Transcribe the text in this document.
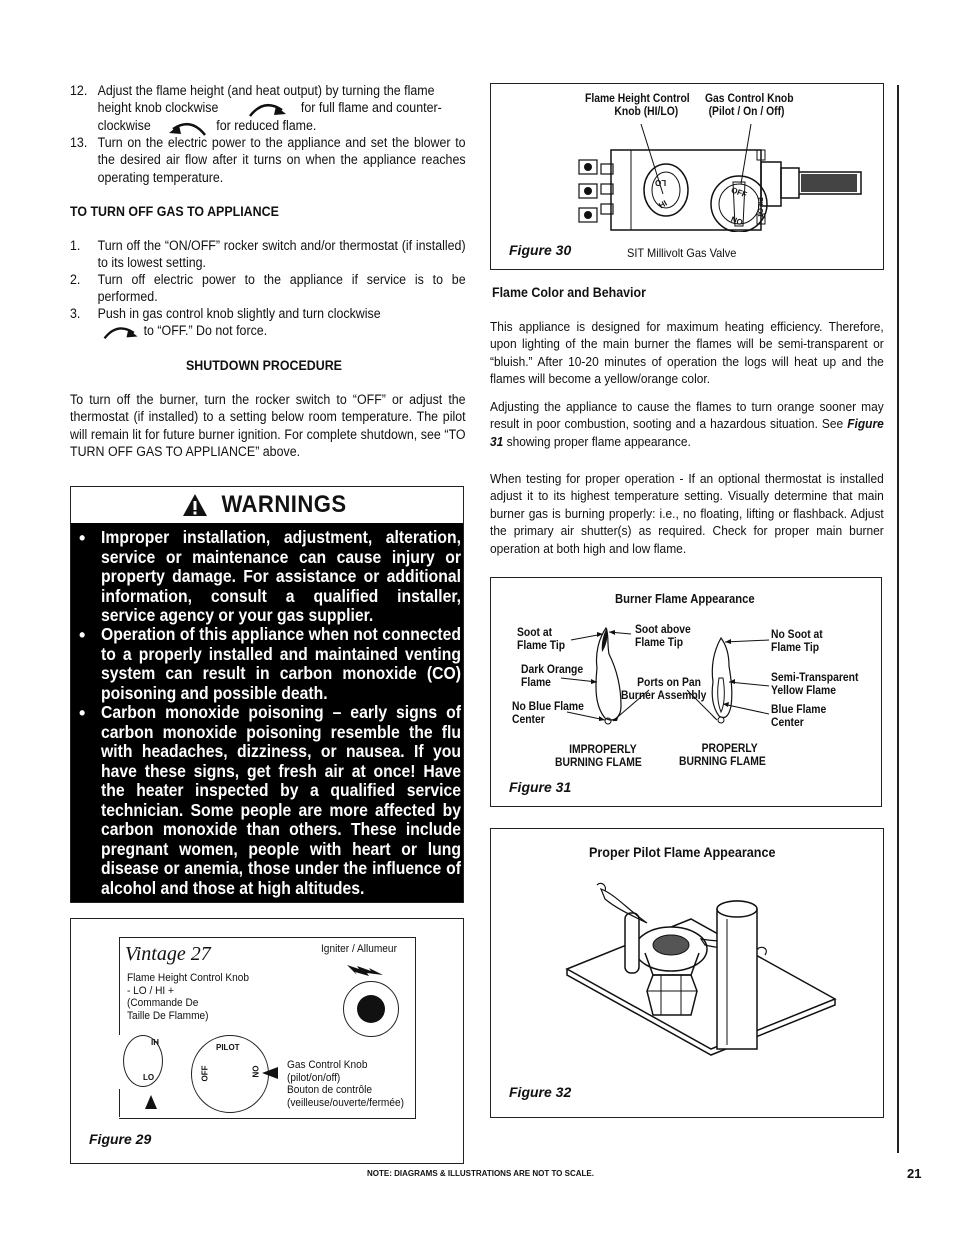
12. Adjust the flame height (and heat output) by turning the flame
height knob clockwise	for full flame and counter-
clockwise	for reduced flame.
13. Turn on the electric power to the appliance and set the blower to the desired air flow after it turns on when the appliance reaches operating temperature.
TO TURN OFF GAS TO APPLIANCE
1. Turn off the “ON/OFF” rocker switch and/or thermostat (if installed) to its lowest setting.
2. Turn off electric power to the appliance if service is to be performed.
3. Push in gas control knob slightly and turn clockwise
to “OFF.” Do not force.
SHUTDOWN PROCEDURE
To turn off the burner, turn the rocker switch to “OFF” or adjust the thermostat (if installed) to a setting below room temperature. The pilot will remain lit for future burner ignition. For complete shutdown, see “TO TURN OFF GAS TO APPLIANCE” above.
WARNINGS
• Improper installation, adjustment, alteration, service or maintenance can cause injury or property damage. For assistance or additional information, consult a qualified installer, service agency or your gas supplier.
• Operation of this appliance when not connected to a properly installed and maintained venting system can result in carbon monoxide (CO) poisoning and possible death.
• Carbon monoxide poisoning – early signs of carbon monoxide poisoning resemble the flu with headaches, dizziness, or nausea. If you have these signs, get fresh air at once! Have the heater inspected by a qualified service technician. Some people are more affected by carbon monoxide than others. These include pregnant women, people with heart or lung disease or anemia, those under the influence of alcohol and those at high altitudes.
Vintage 27	Igniter / Allumeur
Flame Height Control Knob
- LO / HI +
(Commande De
Taille De Flamme)
HI
LO
PILOT
OFF	ON
Gas Control Knob
(pilot/on/off)
Bouton de contrôle
(veilleuse/ouverte/fermée)
Figure 29
Flame Height Control
Knob (HI/LO)
Gas Control Knob
(Pilot / On / Off)
OFF
PILOT
ON
HI
LO
Figure 30	SIT Millivolt Gas Valve
Flame Color and Behavior
This appliance is designed for maximum heating efficiency. Therefore, upon lighting of the main burner the flames will be semi-transparent or “bluish.” After 10-20 minutes of operation the logs will heat up and the flames will become a yellow/orange color.
Adjusting the appliance to cause the flames to turn orange sooner may result in poor combustion, sooting and a hazardous situation. See Figure 31 showing proper flame appearance.
When testing for proper operation - If an optional thermostat is installed adjust it to its highest temperature setting. Visually determine that main burner gas is burning properly: i.e., no floating, lifting or flashback. Adjust the primary air shutter(s) as required. Check for proper main burner operation at both high and low flame.
Burner Flame Appearance
Soot at
Flame Tip
Soot above
Flame Tip
No Soot at
Flame Tip
Dark Orange
Flame	Ports on Pan
Burner Assembly
Semi-Transparent
Yellow Flame
No Blue Flame
Center
Blue Flame
Center
IMPROPERLY
BURNING FLAME
PROPERLY
BURNING FLAME
Figure 31
Proper Pilot Flame Appearance
Figure 32
NOTE: DIAGRAMS & ILLUSTRATIONS ARE NOT TO SCALE.	21
